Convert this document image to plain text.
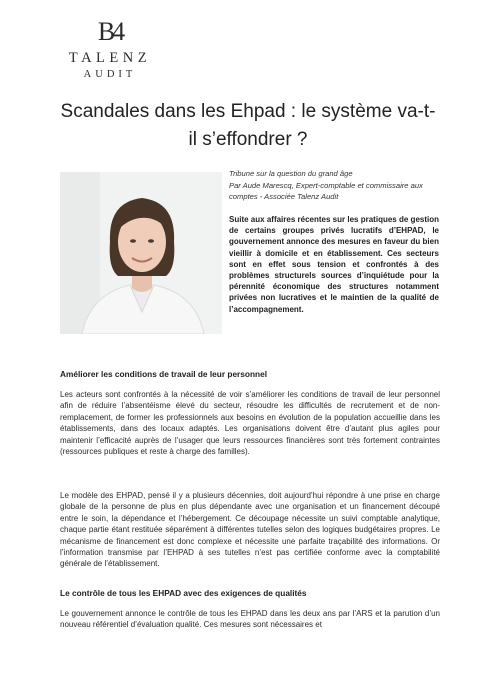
B4
TALENZ
AUDIT
Scandales dans les Ehpad : le système va-t-il s’effondrer ?

Tribune sur la question du grand âge

Par Aude Marescq, Expert-comptable et commissaire aux comptes - Associée Talenz Audit

Suite aux affaires récentes sur les pratiques de gestion de certains groupes privés lucratifs d’EHPAD, le gouvernement annonce des mesures en faveur du bien vieillir à domicile et en établissement. Ces secteurs sont en effet sous tension et confrontés à des problèmes structurels sources d’inquiétude pour la pérennité économique des structures notamment privées non lucratives et le maintien de la qualité de l’accompagnement.

Améliorer les conditions de travail de leur personnel

Les acteurs sont confrontés à la nécessité de voir s’améliorer les conditions de travail de leur personnel afin de réduire l’absentéisme élevé du secteur, résoudre les difficultés de recrutement et de non-remplacement, de former les professionnels aux besoins en évolution de la population accueillie dans les établissements, dans des locaux adaptés. Les organisations doivent être d’autant plus agiles pour maintenir l’efficacité auprès de l’usager que leurs ressources financières sont très fortement contraintes (ressources publiques et reste à charge des familles).

Le modèle des EHPAD, pensé il y a plusieurs décennies, doit aujourd’hui répondre à une prise en charge globale de la personne de plus en plus dépendante avec une organisation et un financement découpé entre le soin, la dépendance et l’hébergement. Ce découpage nécessite un suivi comptable analytique, chaque partie étant restituée séparément à différentes tutelles selon des logiques budgétaires propres. Le mécanisme de financement est donc complexe et nécessite une parfaite traçabilité des informations. Or l’information transmise par l’EHPAD à ses tutelles n’est pas certifiée conforme avec la comptabilité générale de l’établissement.

Le contrôle de tous les EHPAD avec des exigences de qualités

Le gouvernement annonce le contrôle de tous les EHPAD dans les deux ans par l’ARS et la parution d’un nouveau référentiel d’évaluation qualité. Ces mesures sont nécessaires et
